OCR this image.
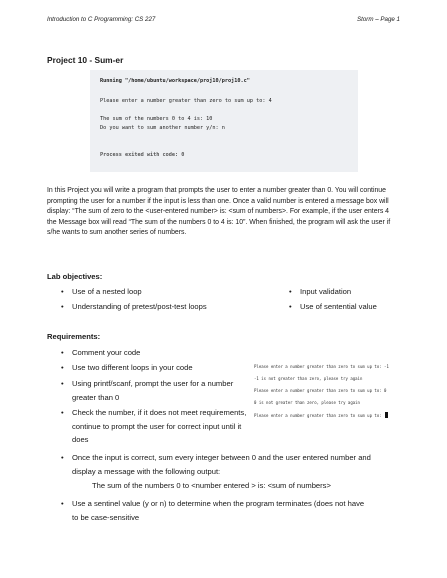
Introduction to C Programming: CS 227	Storm – Page 1
Project 10 - Sum-er
Running "/home/ubuntu/workspace/proj10/proj10.c"
Please enter a number greater than zero to sum up to: 4
The sum of the numbers 0 to 4 is: 10
Do you want to sum another number y/n: n
Process exited with code: 0
In this Project you will write a program that prompts the user to enter a number greater than 0. You will continue prompting the user for a number if the input is less than one. Once a valid number is entered a message box will display: “The sum of zero to the <user-entered number> is: <sum of numbers>. For example, if the user enters 4 the Message box will read “The sum of the numbers 0 to 4 is: 10”. When finished, the program will ask the user if s/he wants to sum another series of numbers.
Lab objectives:
• Use of a nested loop
• Understanding of pretest/post-test loops
• Input validation
• Use of sentential value
Requirements:
• Comment your code
• Use two different loops in your code
• Using printf/scanf, prompt the user for a number greater than 0
• Check the number, if it does not meet requirements, continue to prompt the user for correct input until it does
• Once the input is correct, sum every integer between 0 and the user entered number and display a message with the following output:
The sum of the numbers 0 to <number entered > is: <sum of numbers>
• Use a sentinel value (y or n) to determine when the program terminates (does not have to be case-sensitive
Please enter a number greater than zero to sum up to: -1
-1 is not greater than zero, please try again
Please enter a number greater than zero to sum up to: 0
0 is not greater than zero, please try again
Please enter a number greater than zero to sum up to:
